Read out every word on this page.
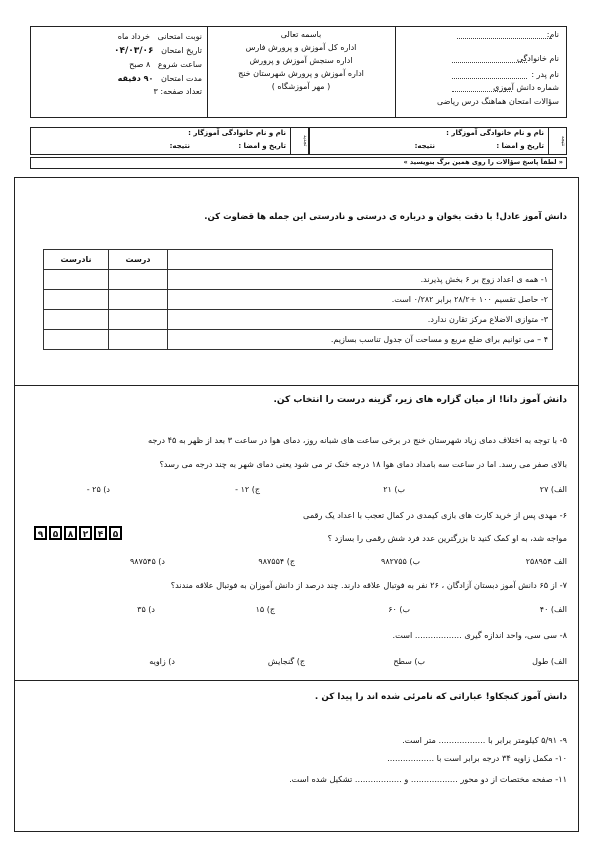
نام:
نام خانوادگی
نام پدر :
شماره دانش آموزی
سؤالات امتحان هماهنگ درس ریاضی
باسمه تعالی
اداره کل آموزش و پرورش فارس
اداره سنجش آموزش و پرورش
اداره آموزش و پرورش شهرستان خنج
( مهر آموزشگاه )
نوبت امتحانی   خرداد ماه
تاریخ امتحان   ۰۴/۰۳/۰۶
ساعت شروع   ۸ صبح
مدت امتحان   ۹۰ دقیقه
تعداد صفحه: ۳
نتیجه
تجدید
نام و نام خانوادگی آموزگار :
تاریخ و امضا :
نتیجه:
نام و نام خانوادگی آموزگار :
تاریخ و امضا :
نتیجه:
« لطفاً پاسخ سؤالات را روی همین برگ بنویسید »
دانش آموز عادل! با دقت بخوان و درباره ی درستی و نادرستی این جمله ها قضاوت کن.
	درست	نادرست
۱- همه ی اعداد زوج بر ۶ بخش پذیرند.		
۲- حاصل تقسیم ۱۰۰ ÷۲۸/۲ برابر ۰/۲۸۲ است.		
۳- متوازی الاضلاع مرکز تقارن ندارد.		
۴ – می توانیم برای ضلع مربع و مساحت آن جدول تناسب بسازیم.		
دانش آموز دانا! از میان گزاره های زیر، گزینه درست را انتخاب کن.
۵- با توجه به اختلاف دمای زیاد شهرستان خنج در برخی ساعت های شبانه روز، دمای هوا در ساعت ۳ بعد از ظهر به ۴۵ درجه
بالای صفر می رسد. اما در ساعت سه بامداد دمای هوا ۱۸ درجه خنک تر می شود یعنی دمای شهر به چند درجه می رسد؟
الف) ۲۷
ب) ۲۱
ج) ۱۲ -
د) ۲۵ -
۶- مهدی پس از خرید کارت های بازی کیمدی در کمال تعجب با اعداد یک رقمی
۹ ۵ ۸ ۲ ۴ ۵	مواجه شد، به او کمک کنید تا بزرگترین عدد فرد شش رقمی را بسازد ؟
الف ۲۵۸۹۵۴
ب) ۹۸۲۷۵۵
ج) ۹۸۷۵۵۴
د) ۹۸۷۵۴۵
۷- از ۶۵ دانش آموز دبستان آزادگان ، ۲۶ نفر به فوتبال علاقه دارند. چند درصد از دانش آموزان به فوتبال علاقه مندند؟
الف) ۴۰
ب) ۶۰
ج) ۱۵
د) ۳۵
۸- سی سی، واحد اندازه گیری .................. است.
الف) طول
ب) سطح
ج) گنجایش
د) زاویه
دانش آموز کنجکاو! عباراتی که نامرئی شده اند را پیدا کن .
۹- ۵/۹۱ کیلومتر برابر با .................. متر است.
۱۰- مکمل زاویه ۳۴ درجه برابر است با ..................
۱۱- صفحه مختصات از دو محور .................. و .................. تشکیل شده است.
